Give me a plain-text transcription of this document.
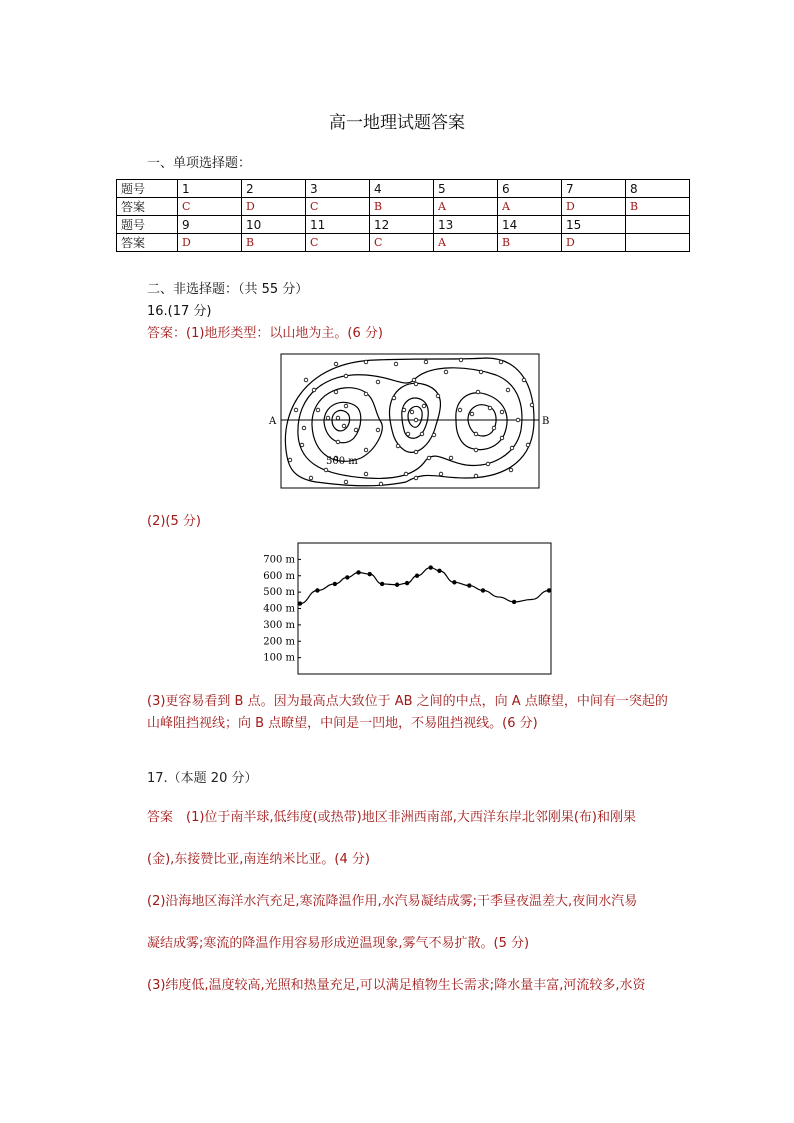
高一地理试题答案
一、单项选择题：
题号	1	2	3	4	5	6	7	8
答案	C	D	C	B	A	A	D	B
题号	9	10	11	12	13	14	15	
答案	D	B	C	C	A	B	D	
二、非选择题：（共 55 分）
16.(17 分)
答案：(1)地形类型：以山地为主。(6 分)
A	B
500 m
(2)(5 分)
700 m
600 m
500 m
400 m
300 m
200 m
100 m
(3)更容易看到 B 点。因为最高点大致位于 AB 之间的中点，向 A 点瞭望，中间有一突起的
山峰阻挡视线；向 B 点瞭望，中间是一凹地，不易阻挡视线。(6 分)
17.（本题 20 分）
答案　(1)位于南半球,低纬度(或热带)地区非洲西南部,大西洋东岸北邻刚果(布)和刚果
(金),东接赞比亚,南连纳米比亚。(4 分)
(2)沿海地区海洋水汽充足,寒流降温作用,水汽易凝结成雾;干季昼夜温差大,夜间水汽易
凝结成雾;寒流的降温作用容易形成逆温现象,雾气不易扩散。(5 分)
(3)纬度低,温度较高,光照和热量充足,可以满足植物生长需求;降水量丰富,河流较多,水资
